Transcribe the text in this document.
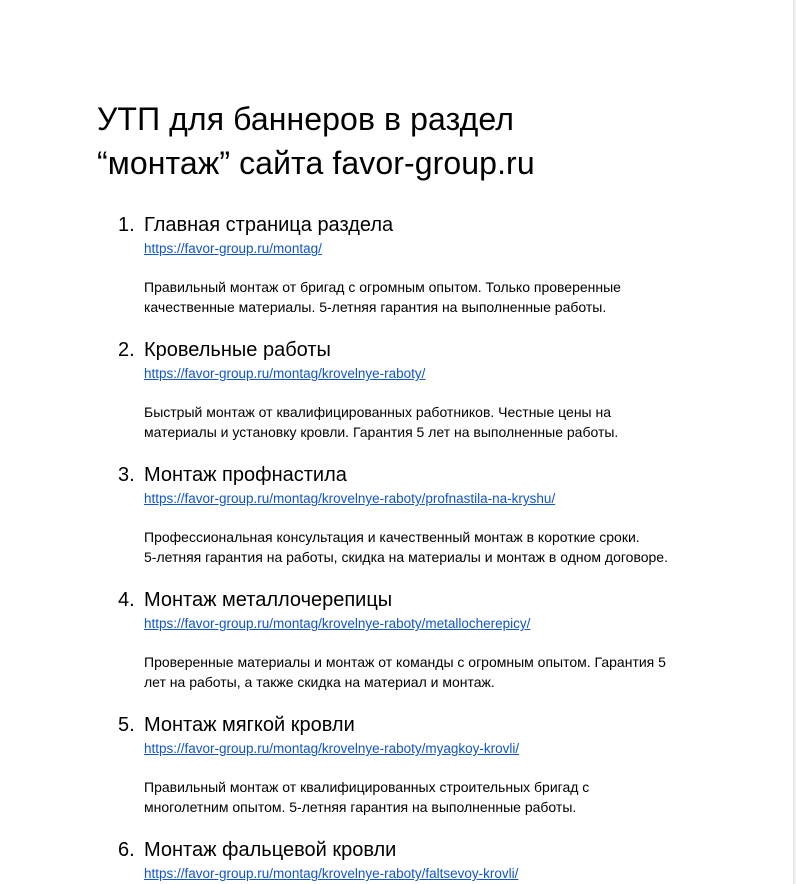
УТП для баннеров в раздел
“монтаж” сайта favor-group.ru
1. Главная страница раздела
https://favor-group.ru/montag/

Правильный монтаж от бригад с огромным опытом. Только проверенные
качественные материалы. 5-летняя гарантия на выполненные работы.

2. Кровельные работы
https://favor-group.ru/montag/krovelnye-raboty/

Быстрый монтаж от квалифицированных работников. Честные цены на
материалы и установку кровли. Гарантия 5 лет на выполненные работы.

3. Монтаж профнастила
https://favor-group.ru/montag/krovelnye-raboty/profnastila-na-kryshu/

Профессиональная консультация и качественный монтаж в короткие сроки.
5-летняя гарантия на работы, скидка на материалы и монтаж в одном договоре.

4. Монтаж металлочерепицы
https://favor-group.ru/montag/krovelnye-raboty/metallocherepicy/

Проверенные материалы и монтаж от команды с огромным опытом. Гарантия 5
лет на работы, а также скидка на материал и монтаж.

5. Монтаж мягкой кровли
https://favor-group.ru/montag/krovelnye-raboty/myagkoy-krovli/

Правильный монтаж от квалифицированных строительных бригад с
многолетним опытом. 5-летняя гарантия на выполненные работы.

6. Монтаж фальцевой кровли
https://favor-group.ru/montag/krovelnye-raboty/faltsevoy-krovli/
